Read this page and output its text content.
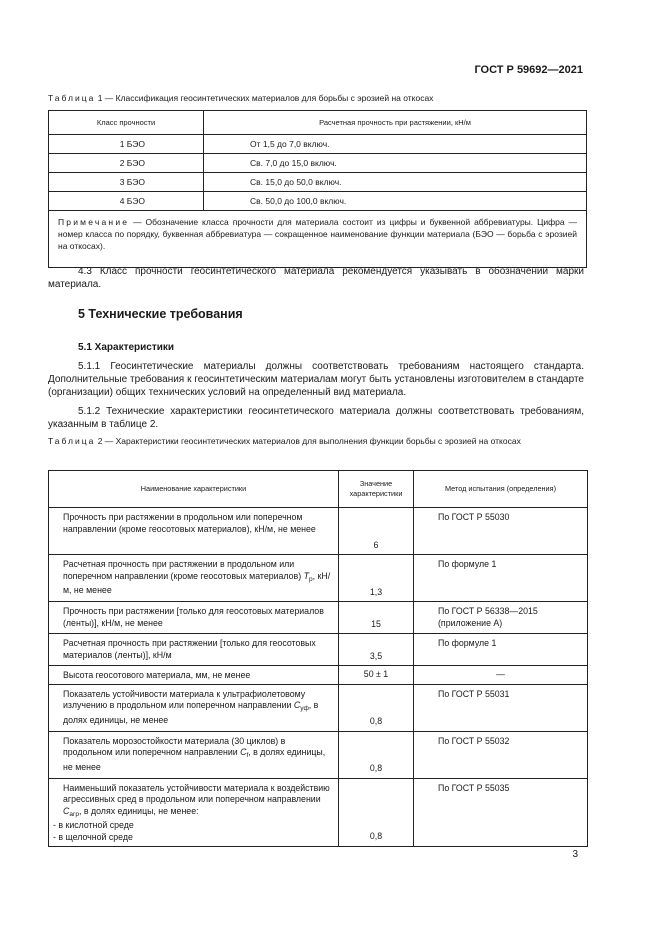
ГОСТ Р 59692—2021
Таблица 1 — Классификация геосинтетических материалов для борьбы с эрозией на откосах
Класс прочности	Расчетная прочность при растяжении, кН/м
1 БЭО	От 1,5 до 7,0 включ.
2 БЭО	Св. 7,0 до 15,0 включ.
3 БЭО	Св. 15,0 до 50,0 включ.
4 БЭО	Св. 50,0 до 100,0 включ.
Примечание — Обозначение класса прочности для материала состоит из цифры и буквенной аббревиатуры. Цифра — номер класса по порядку, буквенная аббревиатура — сокращенное наименование функции материала (БЭО — борьба с эрозией на откосах).	

4.3 Класс прочности геосинтетического материала рекомендуется указывать в обозначении марки материала.

5 Технические требования
5.1 Характеристики

5.1.1 Геосинтетические материалы должны соответствовать требованиям настоящего стандарта. Дополнительные требования к геосинтетическим материалам могут быть установлены изготовителем в стандарте (организации) общих технических условий на определенный вид материала.

5.1.2 Технические характеристики геосинтетического материала должны соответствовать требованиям, указанным в таблице 2.

Таблица 2 — Характеристики геосинтетических материалов для выполнения функции борьбы с эрозией на откосах
Наименование характеристики	Значение характеристики	Метод испытания (определения)
Прочность при растяжении в продольном или поперечном направлении (кроме геосотовых материалов), кН/м, не менее	6	По ГОСТ Р 55030
Расчетная прочность при растяжении в продольном или поперечном направлении (кроме геосотовых материалов) $T_р$, кН/м, не менее	1,3	По формуле 1
Прочность при растяжении [только для геосотовых материалов (ленты)], кН/м, не менее	15	По ГОСТ Р 56338—2015 (приложение А)
Расчетная прочность при растяжении [только для геосотовых материалов (ленты)], кН/м	3,5	По формуле 1
Высота геосотового материала, мм, не менее	50 ± 1	—
Показатель устойчивости материала к ультрафиолетовому излучению в продольном или поперечном направлении $С_{уф}$, в долях единицы, не менее	0,8	По ГОСТ Р 55031
Показатель морозостойкости материала (30 циклов) в продольном или поперечном направлении $С_f$, в долях единицы, не менее	0,8	По ГОСТ Р 55032
Наименьший показатель устойчивости материала к воздействию агрессивных сред в продольном или поперечном направлении $С_{агр}$, в долях единицы, не менее:
- в кислотной среде
- в щелочной среде	0,8	По ГОСТ Р 55035
3
